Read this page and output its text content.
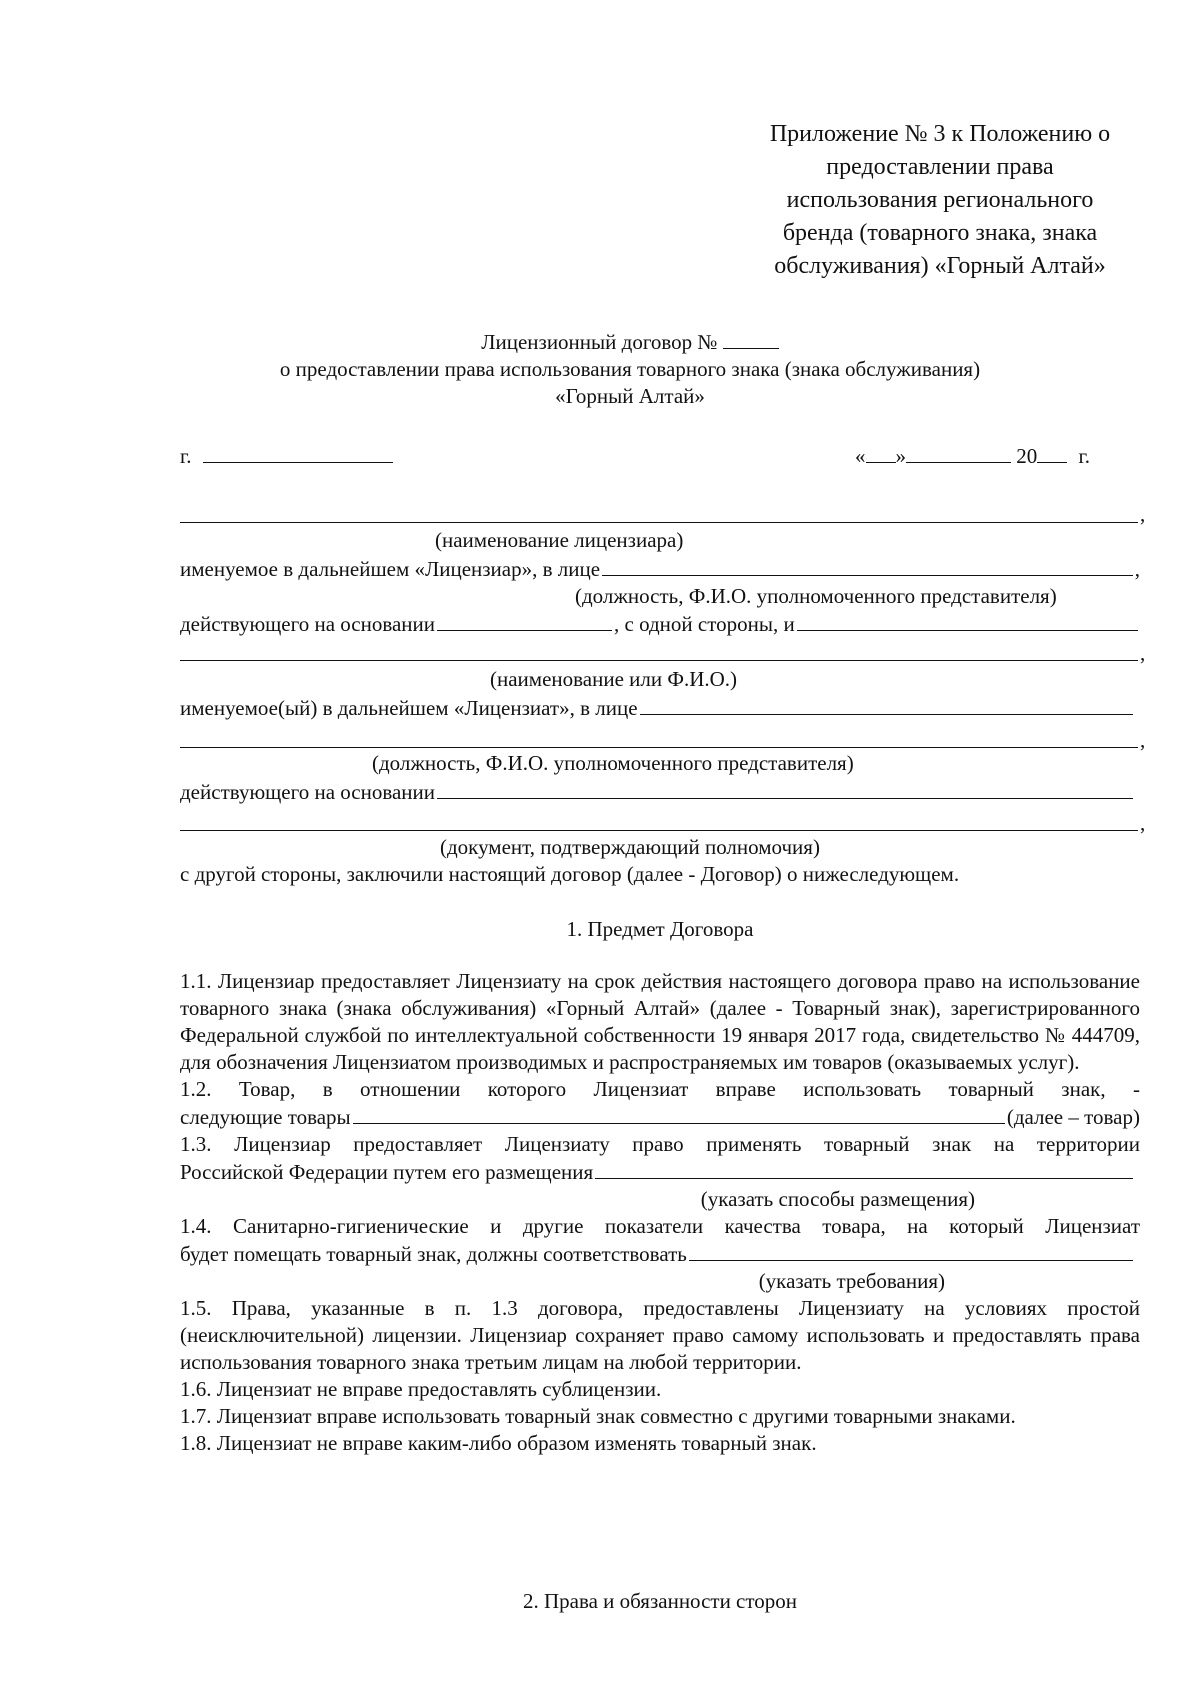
Приложение № 3 к Положению о
предоставлении права
использования регионального
бренда (товарного знака, знака
обслуживания) «Горный Алтай»
Лицензионный договор №
о предоставлении права использования товарного знака (знака обслуживания)
«Горный Алтай»
г.	« »	20 г.
,
(наименование лицензиара)
именуемое в дальнейшем «Лицензиар», в лице	,
(должность, Ф.И.О. уполномоченного представителя)
действующего на основании	, с одной стороны, и
,
(наименование или Ф.И.О.)
именуемое(ый) в дальнейшем «Лицензиат», в лице
,
(должность, Ф.И.О. уполномоченного представителя)
действующего на основании
,
(документ, подтверждающий полномочия)
с другой стороны, заключили настоящий договор (далее - Договор) о нижеследующем.
1. Предмет Договора

1.1. Лицензиар предоставляет Лицензиату на срок действия настоящего договора право на использование товарного знака (знака обслуживания) «Горный Алтай» (далее - Товарный знак), зарегистрированного Федеральной службой по интеллектуальной собственности 19 января 2017 года, свидетельство № 444709, для обозначения Лицензиатом производимых и распространяемых им товаров (оказываемых услуг).

1.2. Товар, в отношении которого Лицензиат вправе использовать товарный знак, -

следующие товары	(далее – товар)

1.3. Лицензиар предоставляет Лицензиату право применять товарный знак на территории

Российской Федерации путем его размещения
(указать способы размещения)

1.4. Санитарно-гигиенические и другие показатели качества товара, на который Лицензиат

будет помещать товарный знак, должны соответствовать
(указать требования)

1.5. Права, указанные в п. 1.3 договора, предоставлены Лицензиату на условиях простой (неисключительной) лицензии. Лицензиар сохраняет право самому использовать и предоставлять права использования товарного знака третьим лицам на любой территории.

1.6. Лицензиат не вправе предоставлять сублицензии.

1.7. Лицензиат вправе использовать товарный знак совместно с другими товарными знаками.

1.8. Лицензиат не вправе каким-либо образом изменять товарный знак.

2. Права и обязанности сторон
